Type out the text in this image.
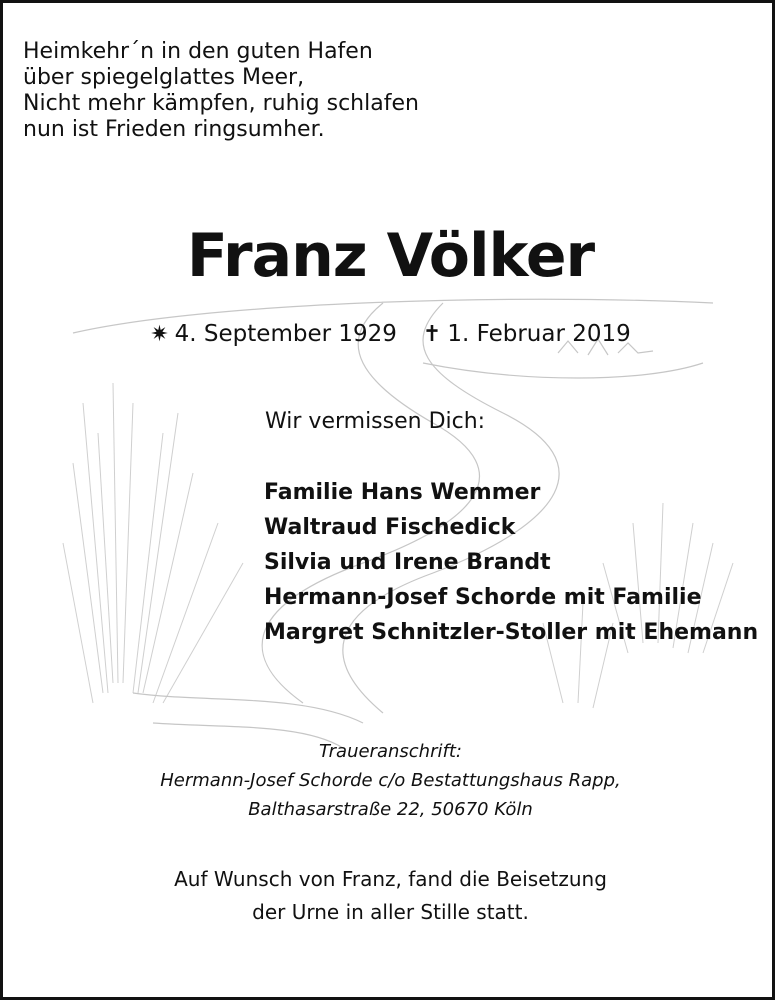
Heimkehr´n in den guten Hafen
über spiegelglattes Meer,
Nicht mehr kämpfen, ruhig schlafen
nun ist Frieden ringsumher.
Franz Völker
✷ 4. September 1929 ✝ 1. Februar 2019
Wir vermissen Dich:
Familie Hans Wemmer
Waltraud Fischedick
Silvia und Irene Brandt
Hermann-Josef Schorde mit Familie
Margret Schnitzler-Stoller mit Ehemann
Traueranschrift:
Hermann-Josef Schorde c/o Bestattungshaus Rapp,
Balthasarstraße 22, 50670 Köln
Auf Wunsch von Franz, fand die Beisetzung
der Urne in aller Stille statt.
